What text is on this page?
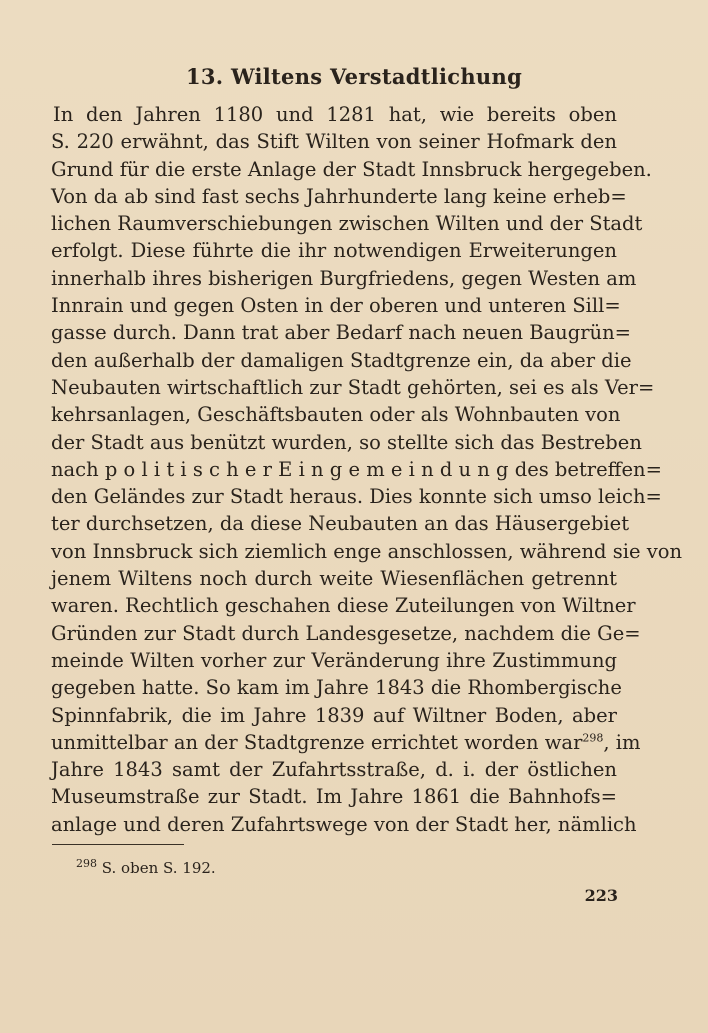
13. Wiltens Verstadtlichung
In den Jahren 1180 und 1281 hat, wie bereits oben
S. 220 erwähnt, das Stift Wilten von seiner Hofmark den
Grund für die erste Anlage der Stadt Innsbruck hergegeben.
Von da ab sind fast sechs Jahrhunderte lang keine erheb=
lichen Raumverschiebungen zwischen Wilten und der Stadt
erfolgt. Diese führte die ihr notwendigen Erweiterungen
innerhalb ihres bisherigen Burgfriedens, gegen Westen am
Innrain und gegen Osten in der oberen und unteren Sill=
gasse durch. Dann trat aber Bedarf nach neuen Baugrün=
den außerhalb der damaligen Stadtgrenze ein, da aber die
Neubauten wirtschaftlich zur Stadt gehörten, sei es als Ver=
kehrsanlagen, Geschäftsbauten oder als Wohnbauten von
der Stadt aus benützt wurden, so stellte sich das Bestreben
nach p o l i t i s c h e r E i n g e m e i n d u n g des betreffen=
den Geländes zur Stadt heraus. Dies konnte sich umso leich=
ter durchsetzen, da diese Neubauten an das Häusergebiet
von Innsbruck sich ziemlich enge anschlossen, während sie von
jenem Wiltens noch durch weite Wiesenflächen getrennt
waren. Rechtlich geschahen diese Zuteilungen von Wiltner
Gründen zur Stadt durch Landesgesetze, nachdem die Ge=
meinde Wilten vorher zur Veränderung ihre Zustimmung
gegeben hatte. So kam im Jahre 1843 die Rhombergische
Spinnfabrik, die im Jahre 1839 auf Wiltner Boden, aber
unmittelbar an der Stadtgrenze errichtet worden war$^{298}$, im
Jahre 1843 samt der Zufahrtsstraße, d. i. der östlichen
Museumstraße zur Stadt. Im Jahre 1861 die Bahnhofs=
anlage und deren Zufahrtswege von der Stadt her, nämlich
$^{298}$ S. oben S. 192.
223
